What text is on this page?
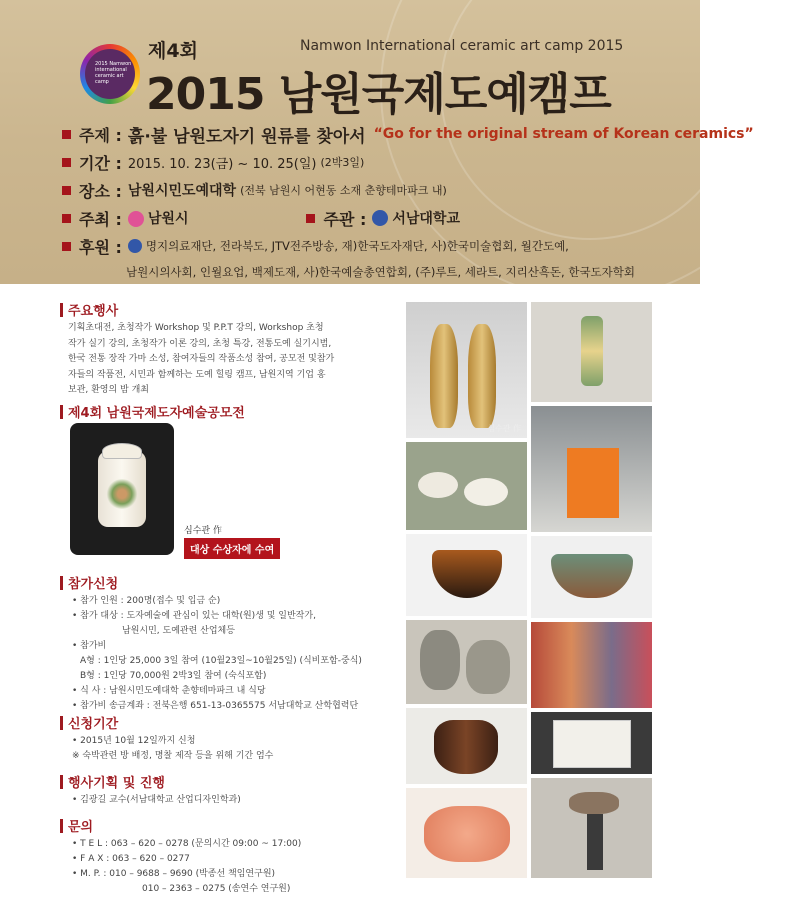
2015 Namwon international ceramic art camp
제4회
2015 남원국제도예캠프
Namwon International ceramic art camp 2015
주제 : 흙·불 남원도자기 원류를 찾아서 “Go for the original stream of Korean ceramics”
기간 : 2015. 10. 23(금) ~ 10. 25(일) (2박3일)
장소 : 남원시민도예대학 (전북 남원시 어현동 소재 춘향테마파크 내)
주최 : 남원시	주관 : 서남대학교
후원 : 명지의료재단, 전라북도, JTV전주방송, 재)한국도자재단, 사)한국미술협회, 월간도예,
남원시의사회, 인월요업, 백제도재, 사)한국예술총연합회, (주)루트, 세라트, 지리산흑돈, 한국도자학회
주요행사
기획초대전, 초청작가 Workshop 및 P.P.T 강의, Workshop 초청
작가 실기 강의, 초청작가 이론 강의, 초청 특강, 전통도예 실기시범,
한국 전통 장작 가마 소성, 참여자들의 작품소성 참여, 공모전 및참가
자들의 작품전, 시민과 함께하는 도예 힐링 캠프, 남원지역 기업 홍
보관, 환영의 밤 개최
제4회 남원국제도자예술공모전
심수관 作
대상 수상자에 수여
참가신청
• 참가 인원 : 200명(접수 및 입금 순)
• 참가 대상 : 도자예술에 관심이 있는 대학(원)생 및 일반작가,
남원시민, 도예관련 산업체등
• 참가비
A형 : 1인당 25,000 3일 참여 (10월23일~10월25일) (식비포함-중식)
B형 : 1인당 70,000원 2박3일 참여 (숙식포함)
• 식 사 : 남원시민도예대학 춘향테마파크 내 식당
• 참가비 송금계좌 : 전북은행 651-13-0365575 서남대학교 산학협력단
신청기간
• 2015년 10월 12일까지 신청
※ 숙박관련 방 배정, 명찰 제작 등을 위해 기간 엄수
행사기획 및 진행
• 김광길 교수(서남대학교 산업디자인학과)
문의
• T E L : 063 – 620 – 0278 (문의시간 09:00 ~ 17:00)
• F A X : 063 – 620 – 0277
• M. P. : 010 – 9688 – 9690 (박종선 책임연구원)
010 – 2363 – 0275 (송연수 연구원)
심수관 作
